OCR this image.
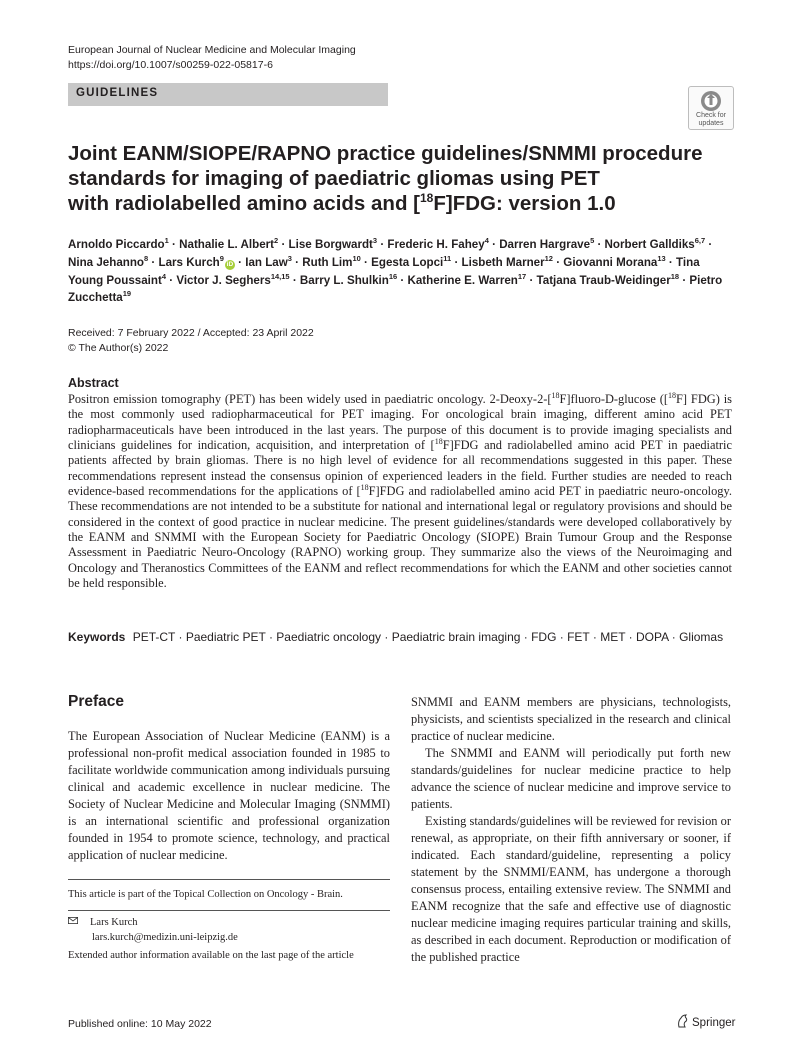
European Journal of Nuclear Medicine and Molecular Imaging
https://doi.org/10.1007/s00259-022-05817-6
GUIDELINES
Check for
updates
Joint EANM/SIOPE/RAPNO practice guidelines/SNMMI procedure
standards for imaging of paediatric gliomas using PET
with radiolabelled amino acids and [$^{18}$F]FDG: version 1.0
Arnoldo Piccardo$^1$ · Nathalie L. Albert$^2$ · Lise Borgwardt$^3$ · Frederic H. Fahey$^4$ · Darren Hargrave$^5$ · Norbert Galldiks$^{6,7}$ · Nina Jehanno$^8$ · Lars Kurch$^9$iD · Ian Law$^3$ · Ruth Lim$^{10}$ · Egesta Lopci$^{11}$ · Lisbeth Marner$^{12}$ · Giovanni Morana$^{13}$ · Tina Young Poussaint$^4$ · Victor J. Seghers$^{14,15}$ · Barry L. Shulkin$^{16}$ · Katherine E. Warren$^{17}$ · Tatjana Traub-Weidinger$^{18}$ · Pietro Zucchetta$^{19}$
Received: 7 February 2022 / Accepted: 23 April 2022
© The Author(s) 2022
Abstract
Positron emission tomography (PET) has been widely used in paediatric oncology. 2-Deoxy-2-[$^{18}$F]fluoro-D-glucose ([$^{18}$F] FDG) is the most commonly used radiopharmaceutical for PET imaging. For oncological brain imaging, different amino acid PET radiopharmaceuticals have been introduced in the last years. The purpose of this document is to provide imaging specialists and clinicians guidelines for indication, acquisition, and interpretation of [$^{18}$F]FDG and radiolabelled amino acid PET in paediatric patients affected by brain gliomas. There is no high level of evidence for all recommendations suggested in this paper. These recommendations represent instead the consensus opinion of experienced leaders in the field. Further studies are needed to reach evidence-based recommendations for the applications of [$^{18}$F]FDG and radiolabelled amino acid PET in paediatric neuro-oncology. These recommendations are not intended to be a substitute for national and international legal or regulatory provisions and should be considered in the context of good practice in nuclear medicine. The present guidelines/standards were developed collaboratively by the EANM and SNMMI with the European Society for Paediatric Oncology (SIOPE) Brain Tumour Group and the Response Assessment in Paediatric Neuro-Oncology (RAPNO) working group. They summarize also the views of the Neuroimaging and Oncology and Theranostics Committees of the EANM and reflect recommendations for which the EANM and other societies cannot be held responsible.
Keywords PET-CT · Paediatric PET · Paediatric oncology · Paediatric brain imaging · FDG · FET · MET · DOPA · Gliomas
Preface

The European Association of Nuclear Medicine (EANM) is a professional non-profit medical association founded in 1985 to facilitate worldwide communication among individuals pursuing clinical and academic excellence in nuclear medicine. The Society of Nuclear Medicine and Molecular Imaging (SNMMI) is an international scientific and professional organization founded in 1954 to promote science, technology, and practical application of nuclear medicine.

SNMMI and EANM members are physicians, technologists, physicists, and scientists specialized in the research and clinical practice of nuclear medicine.

The SNMMI and EANM will periodically put forth new standards/guidelines for nuclear medicine practice to help advance the science of nuclear medicine and improve service to patients.

Existing standards/guidelines will be reviewed for revision or renewal, as appropriate, on their fifth anniversary or sooner, if indicated. Each standard/guideline, representing a policy statement by the SNMMI/EANM, has undergone a thorough consensus process, entailing extensive review. The SNMMI and EANM recognize that the safe and effective use of diagnostic nuclear medicine imaging requires particular training and skills, as described in each document. Reproduction or modification of the published practice

This article is part of the Topical Collection on Oncology - Brain.
Lars Kurch
lars.kurch@medizin.uni-leipzig.de
Extended author information available on the last page of the article
Published online: 10 May 2022	Springer
